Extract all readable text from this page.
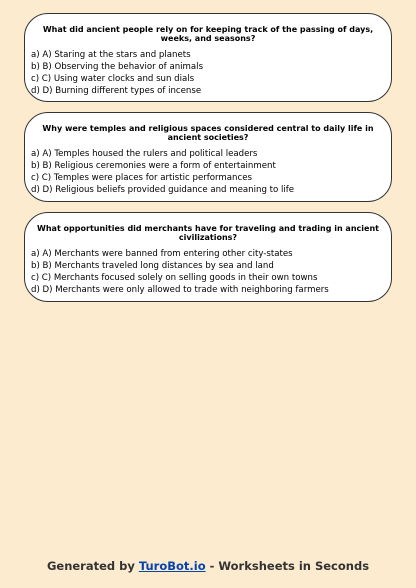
What did ancient people rely on for keeping track of the passing of days, weeks, and seasons?

a) A) Staring at the stars and planets
b) B) Observing the behavior of animals
c) C) Using water clocks and sun dials
d) D) Burning different types of incense

Why were temples and religious spaces considered central to daily life in ancient societies?

a) A) Temples housed the rulers and political leaders
b) B) Religious ceremonies were a form of entertainment
c) C) Temples were places for artistic performances
d) D) Religious beliefs provided guidance and meaning to life

What opportunities did merchants have for traveling and trading in ancient civilizations?

a) A) Merchants were banned from entering other city-states
b) B) Merchants traveled long distances by sea and land
c) C) Merchants focused solely on selling goods in their own towns
d) D) Merchants were only allowed to trade with neighboring farmers
Generated by TuroBot.io - Worksheets in Seconds
